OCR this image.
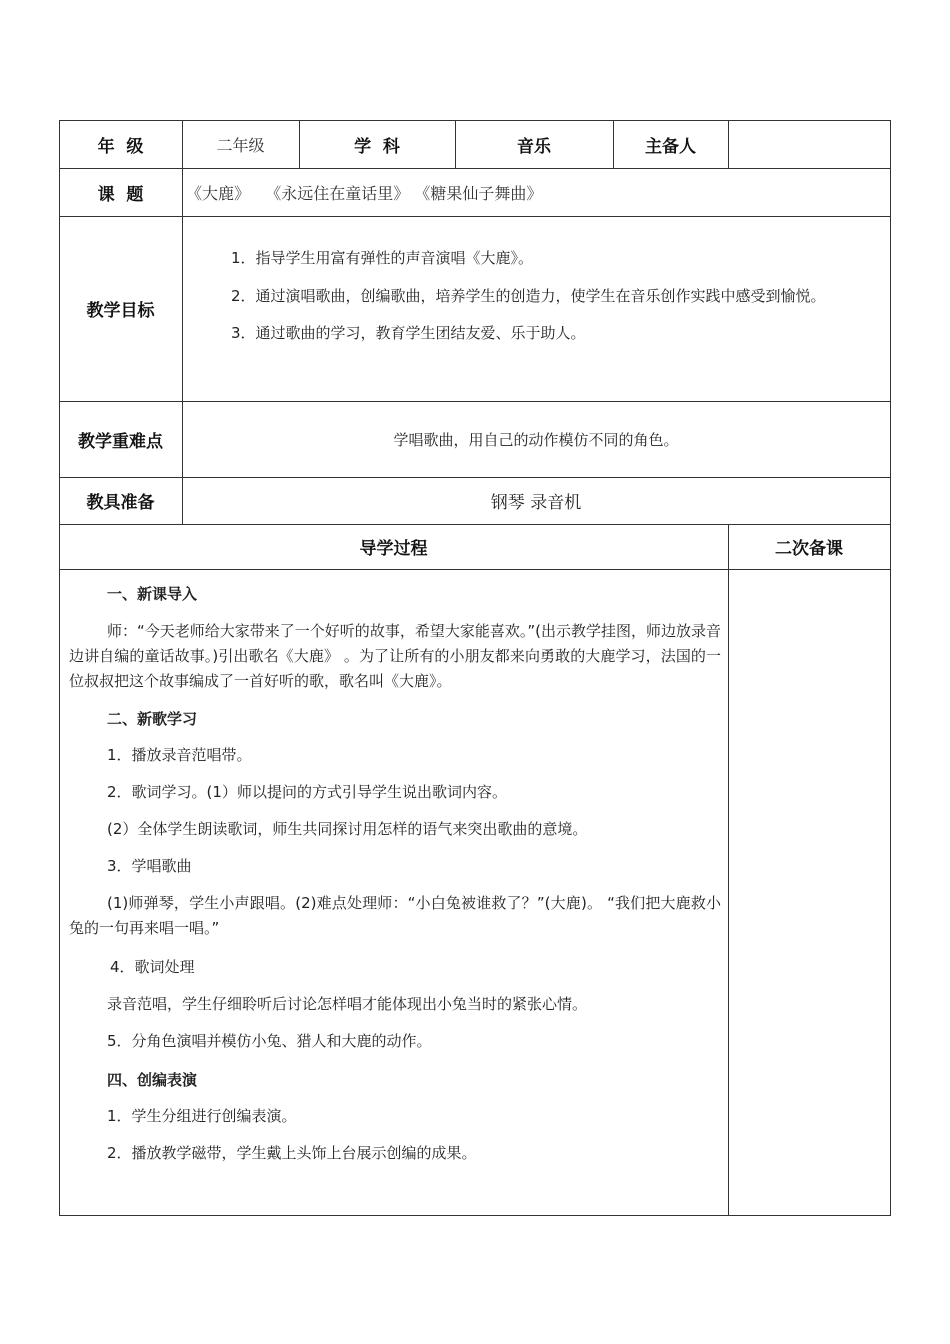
年  级	二年级	学  科	音乐	主备人
课  题	《大鹿》   《永远住在童话里》 《糖果仙子舞曲》
教学目标
1．指导学生用富有弹性的声音演唱《大鹿》。
2．通过演唱歌曲，创编歌曲，培养学生的创造力，使学生在音乐创作实践中感受到愉悦。
3．通过歌曲的学习，教育学生团结友爱、乐于助人。
教学重难点	学唱歌曲，用自己的动作模仿不同的角色。
教具准备	钢琴 录音机
导学过程	二次备课
一、新课导入
师：“今天老师给大家带来了一个好听的故事，希望大家能喜欢。”(出示教学挂图，师边放录音边讲自编的童话故事。)引出歌名《大鹿》 。为了让所有的小朋友都来向勇敢的大鹿学习，法国的一位叔叔把这个故事编成了一首好听的歌，歌名叫《大鹿》。
二、新歌学习
1．播放录音范唱带。
2．歌词学习。(1）师以提问的方式引导学生说出歌词内容。
(2）全体学生朗读歌词，师生共同探讨用怎样的语气来突出歌曲的意境。
3．学唱歌曲
(1)师弹琴，学生小声跟唱。(2)难点处理师：“小白兔被谁救了？”(大鹿)。 “我们把大鹿救小兔的一句再来唱一唱。”
4．歌词处理
录音范唱，学生仔细聆听后讨论怎样唱才能体现出小兔当时的紧张心情。
5．分角色演唱并模仿小兔、猎人和大鹿的动作。
四、创编表演
1．学生分组进行创编表演。
2．播放教学磁带，学生戴上头饰上台展示创编的成果。
